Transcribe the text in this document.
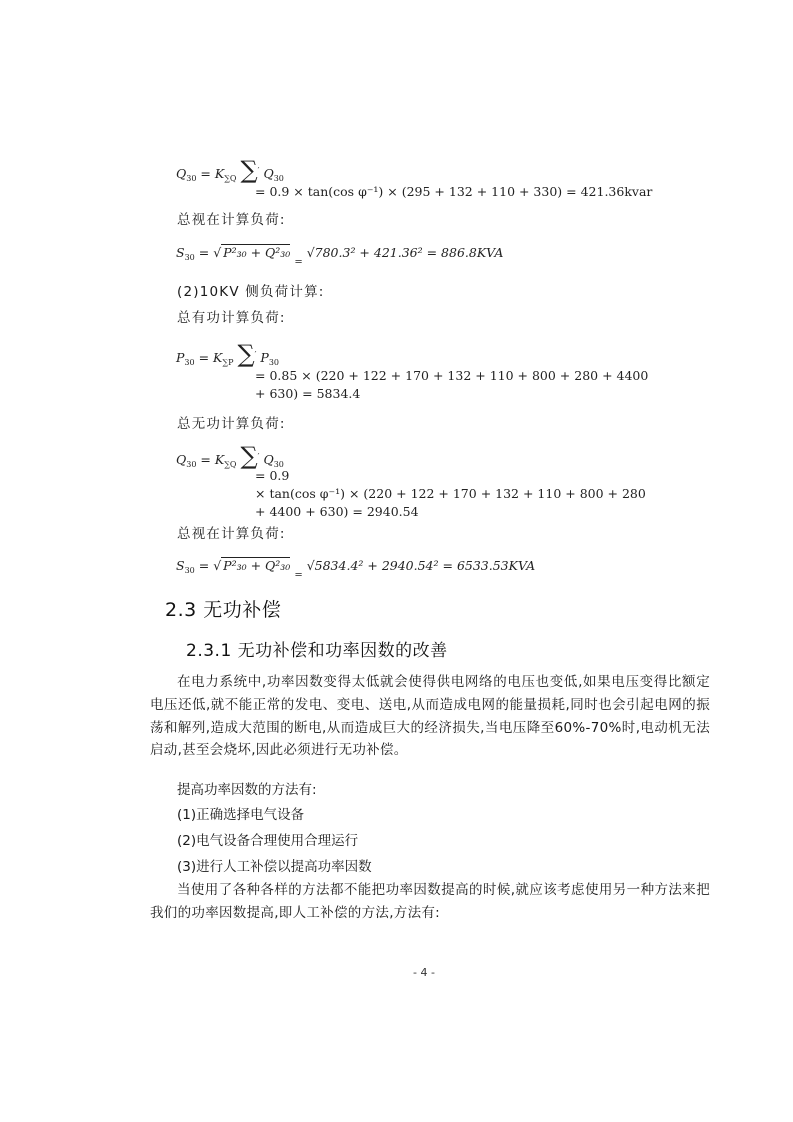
$Q_{30} = K_{\sum Q}$ ∑′ $Q_{30}$
= 0.9 × tan(cos φ⁻¹) × (295 + 132 + 110 + 330) = 421.36kvar
总视在计算负荷:
$S_{30}$ = √ P²₃₀ + Q²₃₀ $_=$ √780.3² + 421.36² = 886.8KVA
(2)10KV 侧负荷计算:
总有功计算负荷:
$P_{30} = K_{\sum P}$ ∑′ $P_{30}$
= 0.85 × (220 + 122 + 170 + 132 + 110 + 800 + 280 + 4400
+ 630) = 5834.4
总无功计算负荷:
$Q_{30} = K_{\sum Q}$ ∑′ $Q_{30}$
= 0.9
× tan(cos φ⁻¹) × (220 + 122 + 170 + 132 + 110 + 800 + 280
+ 4400 + 630) = 2940.54
总视在计算负荷:
$S_{30}$ = √ P²₃₀ + Q²₃₀ $_=$ √5834.4² + 2940.54² = 6533.53KVA
2.3 无功补偿
2.3.1 无功补偿和功率因数的改善
在电力系统中,功率因数变得太低就会使得供电网络的电压也变低,如果电压变得比额定电压还低,就不能正常的发电、变电、送电,从而造成电网的能量损耗,同时也会引起电网的振荡和解列,造成大范围的断电,从而造成巨大的经济损失,当电压降至60%-70%时,电动机无法启动,甚至会烧坏,因此必须进行无功补偿。
提高功率因数的方法有:
(1)正确选择电气设备
(2)电气设备合理使用合理运行
(3)进行人工补偿以提高功率因数
当使用了各种各样的方法都不能把功率因数提高的时候,就应该考虑使用另一种方法来把我们的功率因数提高,即人工补偿的方法,方法有:
- 4 -
